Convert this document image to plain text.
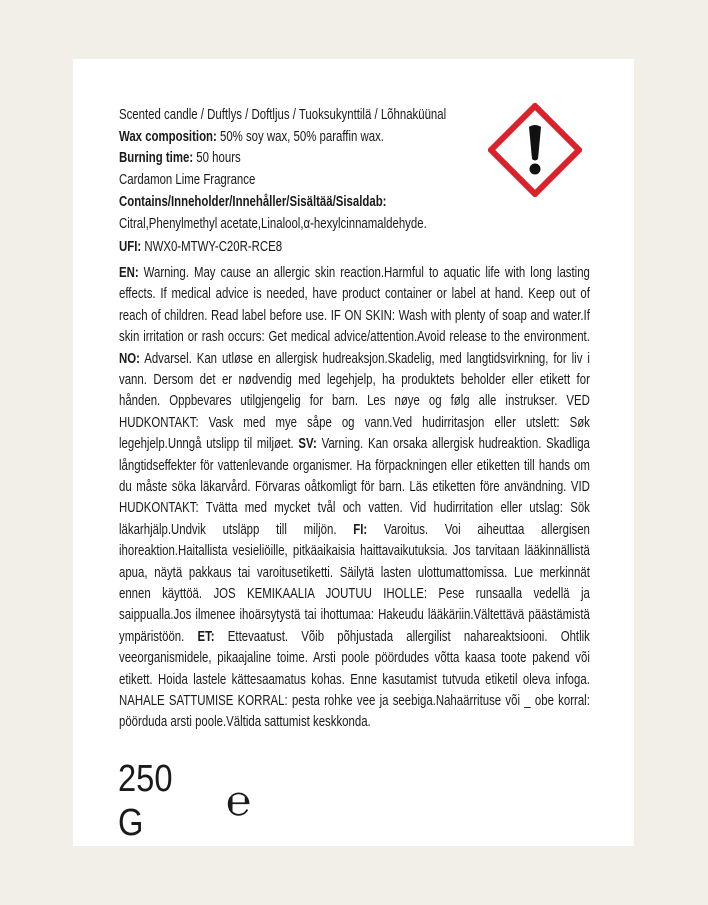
Scented candle / Duftlys / Doftljus / Tuoksukynttilä / Lõhnaküünal
Wax composition: 50% soy wax, 50% paraffin wax.
Burning time: 50 hours
Cardamon Lime Fragrance
Contains/Inneholder/Innehåller/Sisältää/Sisaldab:
Citral,Phenylmethyl acetate,Linalool,α-hexylcinnamaldehyde.
UFI: NWX0-MTWY-C20R-RCE8
EN: Warning. May cause an allergic skin reaction.Harmful to aquatic life with long lasting effects. If medical advice is needed, have product container or label at hand. Keep out of reach of children. Read label before use. IF ON SKIN: Wash with plenty of soap and water.If skin irritation or rash occurs: Get medical advice/attention.Avoid release to the environment. NO: Advarsel. Kan utløse en allergisk hudreaksjon.Skadelig, med langtidsvirkning, for liv i vann. Dersom det er nødvendig med legehjelp, ha produktets beholder eller etikett for hånden. Oppbevares utilgjengelig for barn. Les nøye og følg alle instrukser. VED HUDKONTAKT: Vask med mye såpe og vann.Ved hudirritasjon eller utslett: Søk legehjelp.Unngå utslipp til miljøet. SV: Varning. Kan orsaka allergisk hudreaktion. Skadliga långtidseffekter för vattenlevande organismer. Ha förpackningen eller etiketten till hands om du måste söka läkarvård. Förvaras oåtkomligt för barn. Läs etiketten före användning. VID HUDKONTAKT: Tvätta med mycket tvål och vatten. Vid hudirritation eller utslag: Sök läkarhjälp.Undvik utsläpp till miljön. FI: Varoitus. Voi aiheuttaa allergisen ihoreaktion.Haitallista vesieliöille, pitkäaikaisia haittavaikutuksia. Jos tarvitaan lääkinnällistä apua, näytä pakkaus tai varoitusetiketti. Säilytä lasten ulottumattomissa. Lue merkinnät ennen käyttöä. JOS KEMIKAALIA JOUTUU IHOLLE: Pese runsaalla vedellä ja saippualla.Jos ilmenee ihoärsytystä tai ihottumaa: Hakeudu lääkäriin.Vältettävä päästämistä ympäristöön. ET: Ettevaatust. Võib põhjustada allergilist nahareaktsiooni. Ohtlik veeorganismidele, pikaajaline toime. Arsti poole pöördudes võtta kaasa toote pakend või etikett. Hoida lastele kättesaamatus kohas. Enne kasutamist tutvuda etiketil oleva infoga. NAHALE SATTUMISE KORRAL: pesta rohke vee ja seebiga.Nahaärrituse või _ obe korral: pöörduda arsti poole.Vältida sattumist keskkonda.
250 G	℮
